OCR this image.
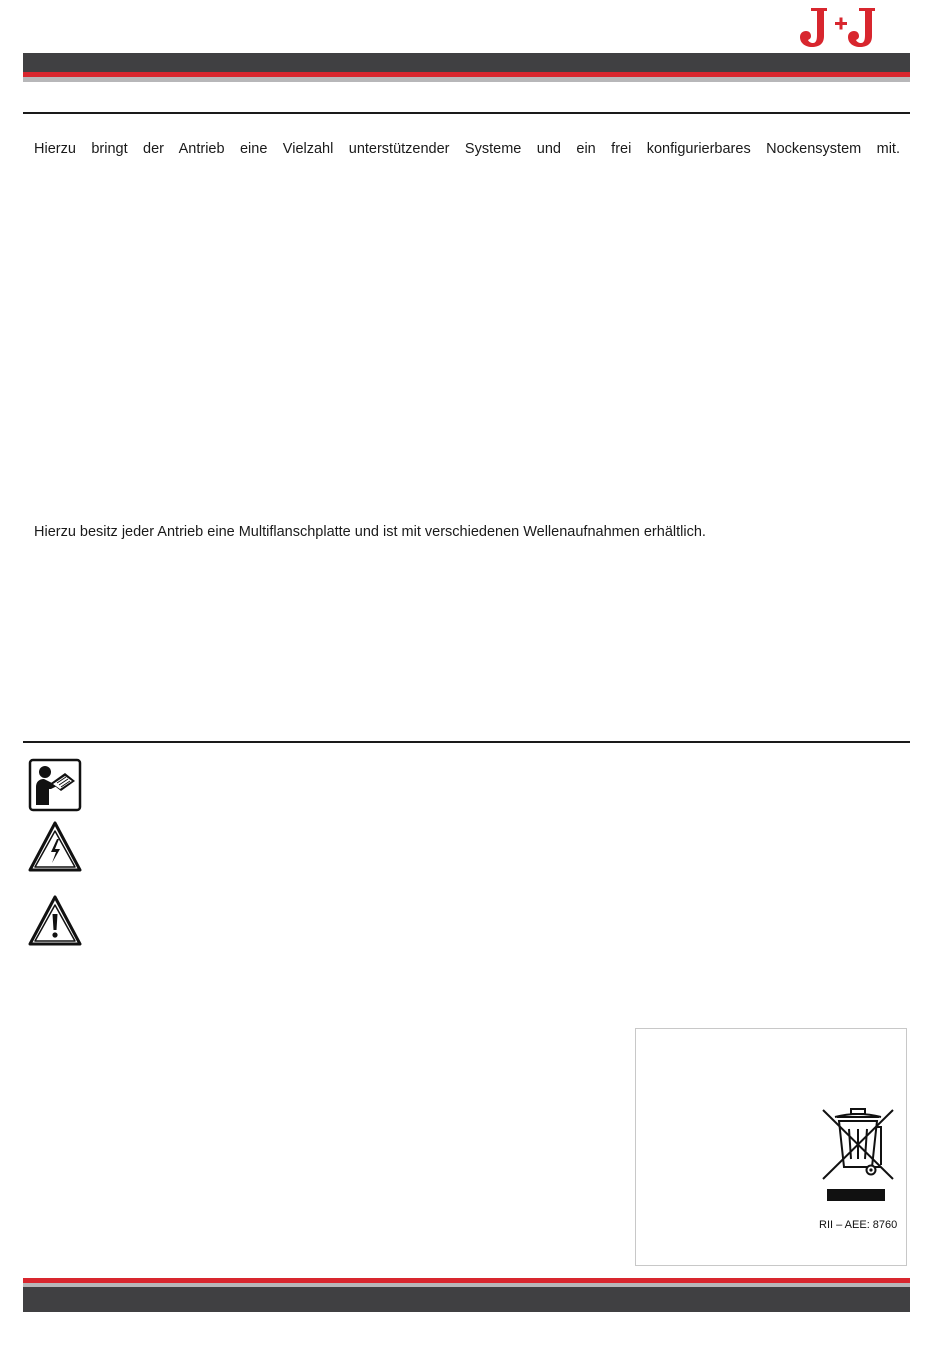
Hierzu bringt der Antrieb eine Vielzahl unterstützender Systeme und ein frei konfigurierbares Nockensystem mit.
Hierzu besitz jeder Antrieb eine Multiflanschplatte und ist mit verschiedenen Wellenaufnahmen erhältlich.
RII – AEE: 8760
